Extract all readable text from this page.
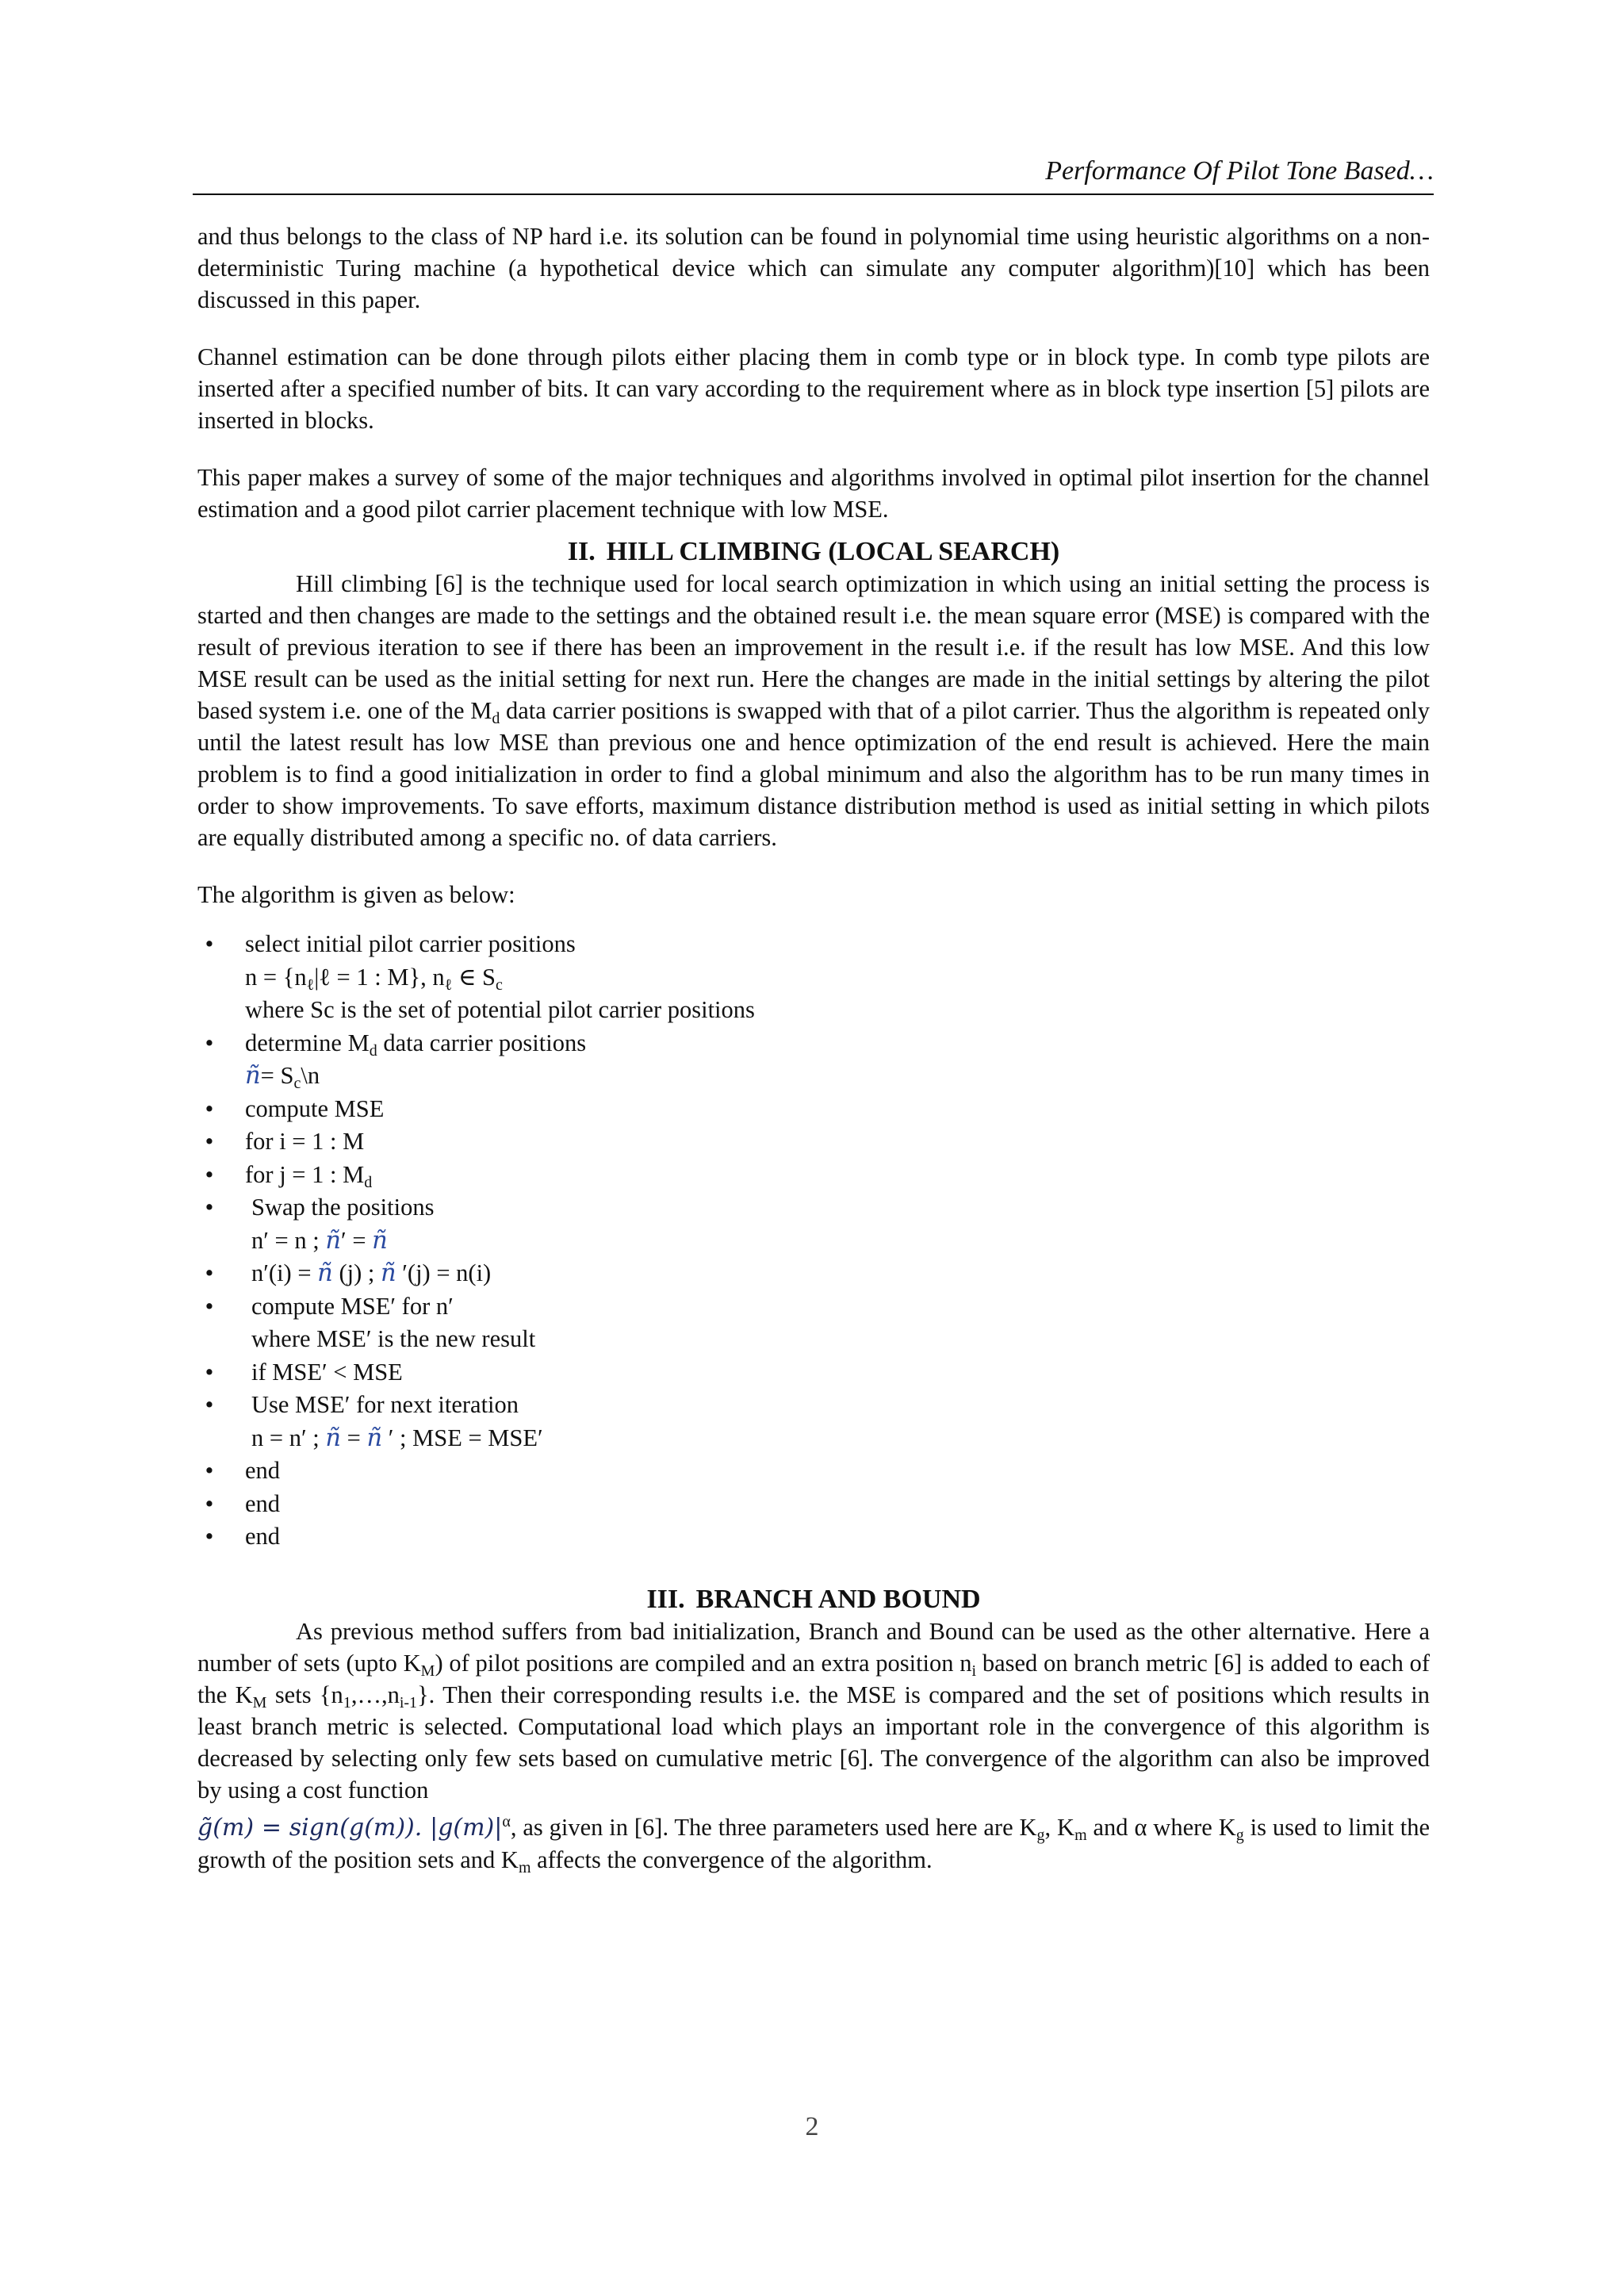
Performance Of Pilot Tone Based…

and thus belongs to the class of NP hard i.e. its solution can be found in polynomial time using heuristic algorithms on a non-deterministic Turing machine (a hypothetical device which can simulate any computer algorithm)[10] which has been discussed in this paper.

Channel estimation can be done through pilots either placing them in comb type or in block type. In comb type pilots are inserted after a specified number of bits. It can vary according to the requirement where as in block type insertion [5] pilots are inserted in blocks.

This paper makes a survey of some of the major techniques and algorithms involved in optimal pilot insertion for the channel estimation and a good pilot carrier placement technique with low MSE.

II. HILL CLIMBING (LOCAL SEARCH)

Hill climbing [6] is the technique used for local search optimization in which using an initial setting the process is started and then changes are made to the settings and the obtained result i.e. the mean square error (MSE) is compared with the result of previous iteration to see if there has been an improvement in the result i.e. if the result has low MSE. And this low MSE result can be used as the initial setting for next run. Here the changes are made in the initial settings by altering the pilot based system i.e. one of the $M_d$ data carrier positions is swapped with that of a pilot carrier. Thus the algorithm is repeated only until the latest result has low MSE than previous one and hence optimization of the end result is achieved. Here the main problem is to find a good initialization in order to find a global minimum and also the algorithm has to be run many times in order to show improvements. To save efforts, maximum distance distribution method is used as initial setting in which pilots are equally distributed among a specific no. of data carriers.

The algorithm is given as below:

• select initial pilot carrier positions
$n = \{n_\ell|\ell = 1$ : M}, $n_\ell$ ∈ $S_c$
where Sc is the set of potential pilot carrier positions
• determine $M_d$ data carrier positions
ñ= $S_c\backslash n$
• compute MSE
• for i = 1 : M
• for j = 1 : $M_d$
• Swap the positions
n′ = n ; ñ′ = ñ
• n′(i) = ñ (j) ; ñ ′(j) = n(i)
• compute MSE′ for n′
where MSE′ is the new result
• if MSE′ < MSE
• Use MSE′ for next iteration
n = n′ ; ñ = ñ ′ ; MSE = MSE′
• end
• end
• end
III. BRANCH AND BOUND

As previous method suffers from bad initialization, Branch and Bound can be used as the other alternative. Here a number of sets (upto $K_M$) of pilot positions are compiled and an extra position $n_i$ based on branch metric [6] is added to each of the $K_M$ sets $\{n_1,\dots,n_{i-1}\}$. Then their corresponding results i.e. the MSE is compared and the set of positions which results in least branch metric is selected. Computational load which plays an important role in the convergence of this algorithm is decreased by selecting only few sets based on cumulative metric [6]. The convergence of the algorithm can also be improved by using a cost function
g̃(m) = sign(g(m)). $|g(m)|^\alpha$, as given in [6]. The three parameters used here are $K_g$, $K_m$ and α where $K_g$ is used to limit the growth of the position sets and $K_m$ affects the convergence of the algorithm.

2
